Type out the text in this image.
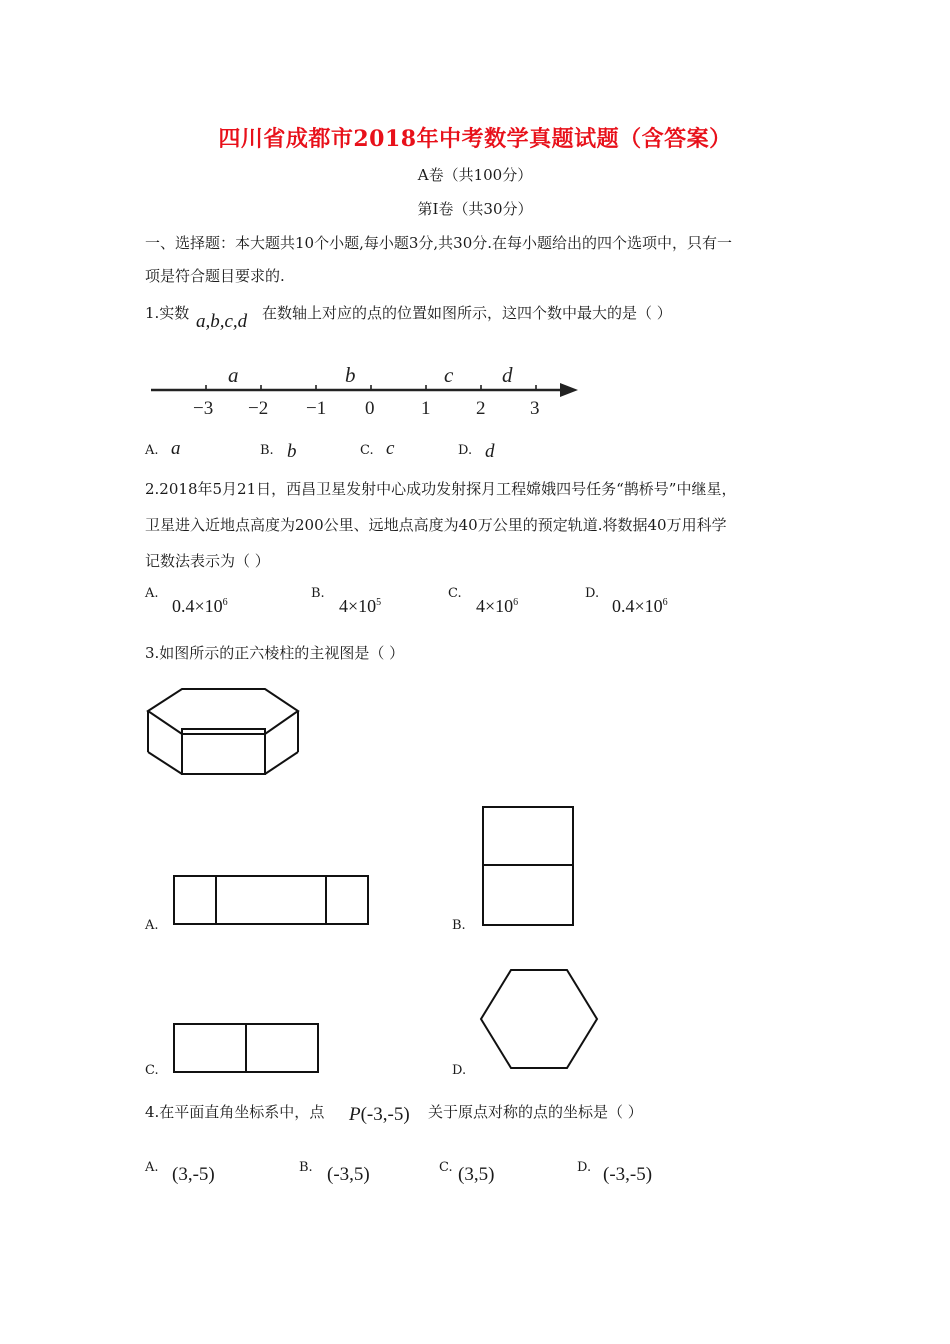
四川省成都市2018年中考数学真题试题（含答案）
A卷（共100分）
第Ⅰ卷（共30分）
一、选择题：本大题共10个小题,每小题3分,共30分.在每小题给出的四个选项中，只有一
项是符合题目要求的.
1.实数 a,b,c,d 在数轴上对应的点的位置如图所示，这四个数中最大的是（ ）
−3 −2 −1 0 1 2 3
a	b	c d
A. a	B. b	C. c	D. d
2.2018年5月21日，西昌卫星发射中心成功发射探月工程嫦娥四号任务“鹊桥号”中继星，
卫星进入近地点高度为200公里、远地点高度为40万公里的预定轨道.将数据40万用科学
记数法表示为（ ）
A.
$0.4\times 10^6$
B.
$4\times 10^5$
C.
$4\times 10^6$
D.
$0.4\times 10^6$
3.如图所示的正六棱柱的主视图是（ ）
A.	B.
C.	D.
4.在平面直角坐标系中，点 P(-3,-5) 关于原点对称的点的坐标是（ ）
A. (3,-5)	B. (-3,5)	C. (3,5)	D. (-3,-5)
